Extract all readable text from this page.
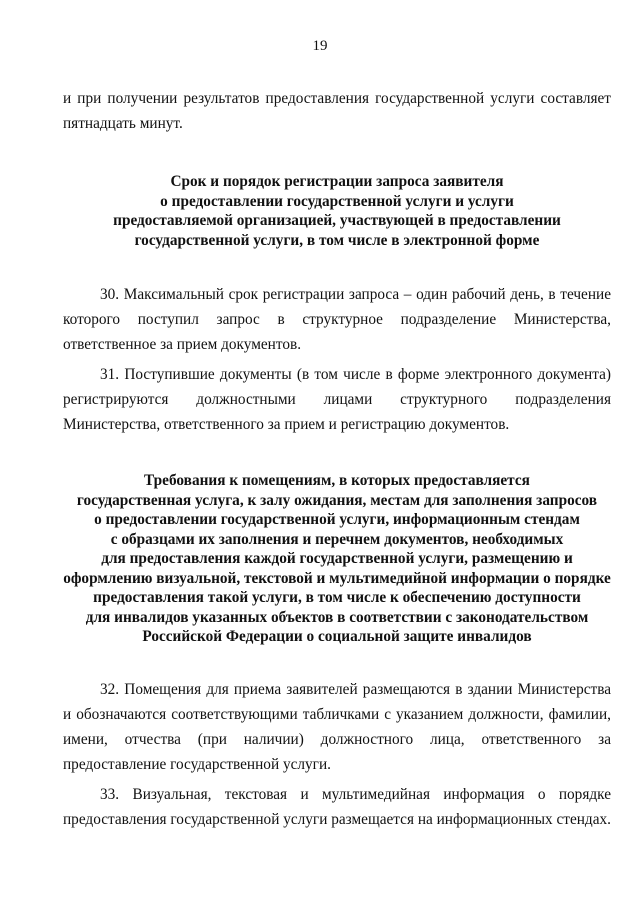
19

и при получении результатов предоставления государственной услуги составляет пятнадцать минут.

Срок и порядок регистрации запроса заявителя
о предоставлении государственной услуги и услуги
предоставляемой организацией, участвующей в предоставлении
государственной услуги, в том числе в электронной форме

30. Максимальный срок регистрации запроса – один рабочий день, в течение которого поступил запрос в структурное подразделение Министерства, ответственное за прием документов.

31. Поступившие документы (в том числе в форме электронного документа) регистрируются должностными лицами структурного подразделения Министерства, ответственного за прием и регистрацию документов.

Требования к помещениям, в которых предоставляется
государственная услуга, к залу ожидания, местам для заполнения запросов
о предоставлении государственной услуги, информационным стендам
с образцами их заполнения и перечнем документов, необходимых
для предоставления каждой государственной услуги, размещению и
оформлению визуальной, текстовой и мультимедийной информации о порядке
предоставления такой услуги, в том числе к обеспечению доступности
для инвалидов указанных объектов в соответствии с законодательством
Российской Федерации о социальной защите инвалидов

32. Помещения для приема заявителей размещаются в здании Министерства и обозначаются соответствующими табличками с указанием должности, фамилии, имени, отчества (при наличии) должностного лица, ответственного за предоставление государственной услуги.

33. Визуальная, текстовая и мультимедийная информация о порядке предоставления государственной услуги размещается на информационных стендах.
